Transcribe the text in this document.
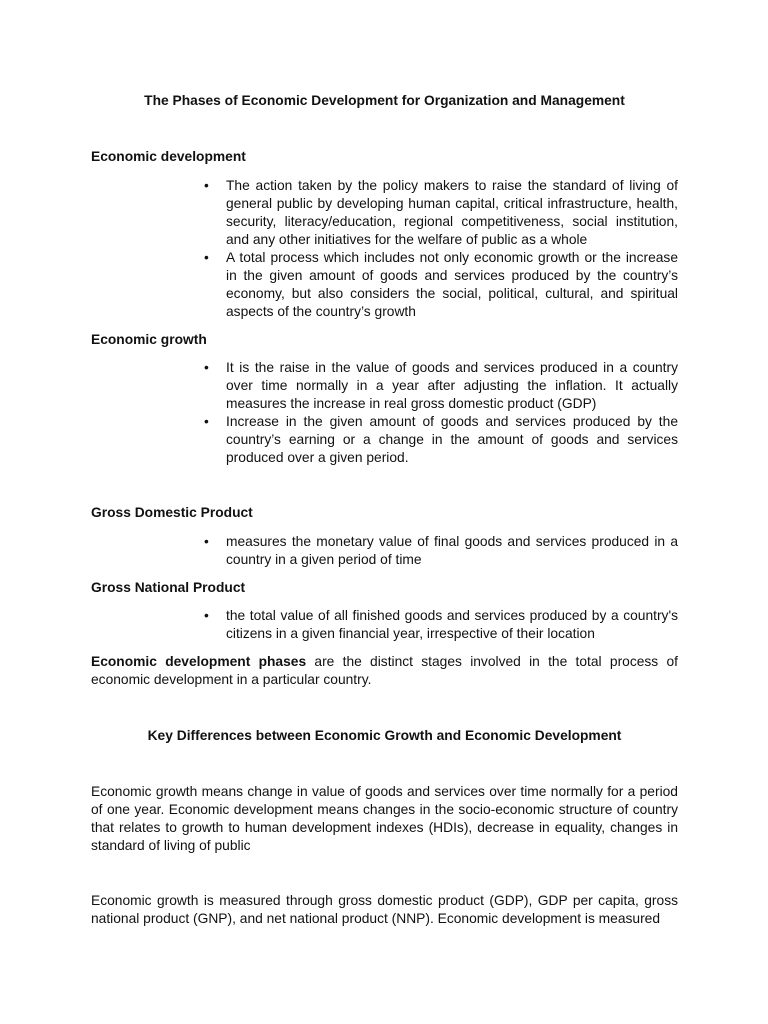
The Phases of Economic Development for Organization and Management
Economic development
• The action taken by the policy makers to raise the standard of living of general public by developing human capital, critical infrastructure, health, security, literacy/education, regional competitiveness, social institution, and any other initiatives for the welfare of public as a whole
• A total process which includes not only economic growth or the increase in the given amount of goods and services produced by the country’s economy, but also considers the social, political, cultural, and spiritual aspects of the country’s growth
Economic growth
• It is the raise in the value of goods and services produced in a country over time normally in a year after adjusting the inflation. It actually measures the increase in real gross domestic product (GDP)
• Increase in the given amount of goods and services produced by the country’s earning or a change in the amount of goods and services produced over a given period.
Gross Domestic Product
• measures the monetary value of final goods and services produced in a country in a given period of time
Gross National Product
• the total value of all finished goods and services produced by a country's citizens in a given financial year, irrespective of their location

Economic development phases are the distinct stages involved in the total process of economic development in a particular country.

Key Differences between Economic Growth and Economic Development

Economic growth means change in value of goods and services over time normally for a period of one year. Economic development means changes in the socio-economic structure of country that relates to growth to human development indexes (HDIs), decrease in equality, changes in standard of living of public

Economic growth is measured through gross domestic product (GDP), GDP per capita, gross national product (GNP), and net national product (NNP). Economic development is measured
